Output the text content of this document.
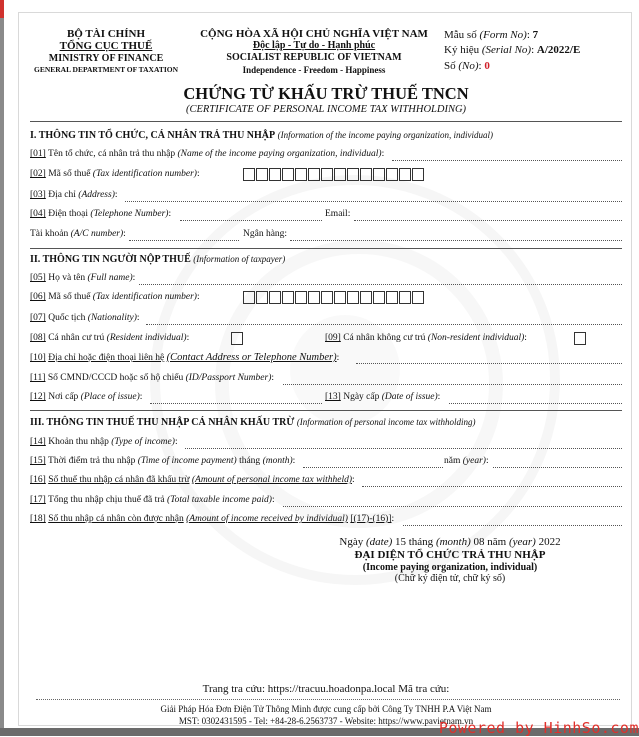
BỘ TÀI CHÍNH
TỔNG CỤC THUẾ
MINISTRY OF FINANCE
GENERAL DEPARTMENT OF TAXATION
CỘNG HÒA XÃ HỘI CHỦ NGHĨA VIỆT NAM
Độc lập - Tự do - Hạnh phúc
SOCIALIST REPUBLIC OF VIETNAM
Independence - Freedom - Happiness
Mẫu số (Form No): 7
Ký hiệu (Serial No): A/2022/E
Số (No): 0
CHỨNG TỪ KHẤU TRỪ THUẾ TNCN
(CERTIFICATE OF PERSONAL INCOME TAX WITHHOLDING)
I. THÔNG TIN TỔ CHỨC, CÁ NHÂN TRẢ THU NHẬP (Information of the income paying organization, individual)
[01] Tên tổ chức, cá nhân trả thu nhập (Name of the income paying organization, individual):
[02] Mã số thuế (Tax identification number):
[03] Địa chỉ (Address):
[04] Điện thoại (Telephone Number):	Email:
Tài khoản (A/C number):	Ngân hàng:
II. THÔNG TIN NGƯỜI NỘP THUẾ (Information of taxpayer)
[05] Họ và tên (Full name):
[06] Mã số thuế (Tax identification number):
[07] Quốc tịch (Nationality):
[08] Cá nhân cư trú (Resident individual):	[09] Cá nhân không cư trú (Non-resident individual):
[10] Địa chỉ hoặc điện thoại liên hệ (Contact Address or Telephone Number):
[11] Số CMND/CCCD hoặc số hộ chiếu (ID/Passport Number):
[12] Nơi cấp (Place of issue):	[13] Ngày cấp (Date of issue):
III. THÔNG TIN THUẾ THU NHẬP CÁ NHÂN KHẤU TRỪ (Information of personal income tax withholding)
[14] Khoản thu nhập (Type of income):
[15] Thời điểm trả thu nhập (Time of income payment) tháng (month):	năm (year):
[16] Số thuế thu nhập cá nhân đã khấu trừ (Amount of personal income tax withheld):
[17] Tổng thu nhập chịu thuế đã trả (Total taxable income paid):
[18] Số thu nhập cá nhân còn được nhận (Amount of income received by individual) [(17)-(16)]:
Ngày (date) 15 tháng (month) 08 năm (year) 2022
ĐẠI DIỆN TỔ CHỨC TRẢ THU NHẬP
(Income paying organization, individual)
(Chữ ký điện tử, chữ ký số)
Trang tra cứu: https://tracuu.hoadonpa.local Mã tra cứu:
Giải Pháp Hóa Đơn Điện Tử Thông Minh được cung cấp bởi Công Ty TNHH P.A Việt Nam
MST: 0302431595 - Tel: +84-28-6.2563737 - Website: https://www.pavietnam.vn
Powered by HinhSo.com
